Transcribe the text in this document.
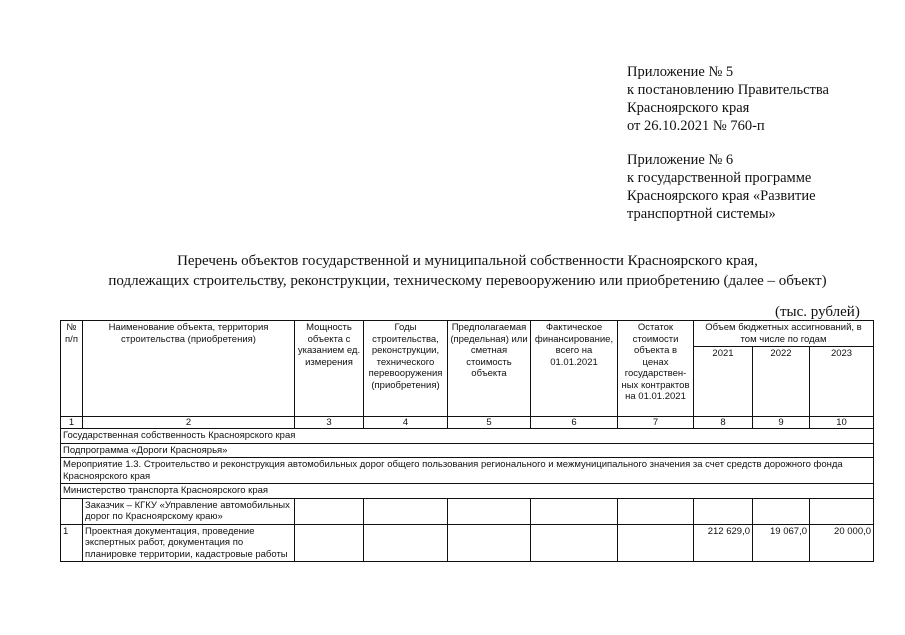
Приложение № 5
к постановлению Правительства
Красноярского края
от 26.10.2021 № 760-п
Приложение № 6
к государственной программе
Красноярского края «Развитие
транспортной системы»
Перечень объектов государственной и муниципальной собственности Красноярского края,
подлежащих строительству, реконструкции, техническому перевооружению или приобретению (далее – объект)
(тыс. рублей)
№ п/п	Наименование объекта, территория строительства (приобретения)	Мощность объекта с указанием ед. измерения	Годы строительства, реконструкции, технического перевооружения (приобретения)	Предполагаемая (предельная) или сметная стоимость объекта	Фактическое финансирование, всего на 01.01.2021	Остаток стоимости объекта в ценах государствен-ных контрактов на 01.01.2021	Объем бюджетных ассигнований, в том числе по годам		
							2021	2022	2023
1	2	3	4	5	6	7	8	9	10
Государственная собственность Красноярского края									
Подпрограмма «Дороги Красноярья»									
Мероприятие 1.3. Строительство и реконструкция автомобильных дорог общего пользования регионального и межмуниципального значения за счет средств дорожного фонда Красноярского края									
Министерство транспорта Красноярского края									
	Заказчик – КГКУ «Управление автомобильных дорог по Красноярскому краю»								
1	Проектная документация, проведение экспертных работ, документация по планировке территории, кадастровые работы						212 629,0	19 067,0	20 000,0
